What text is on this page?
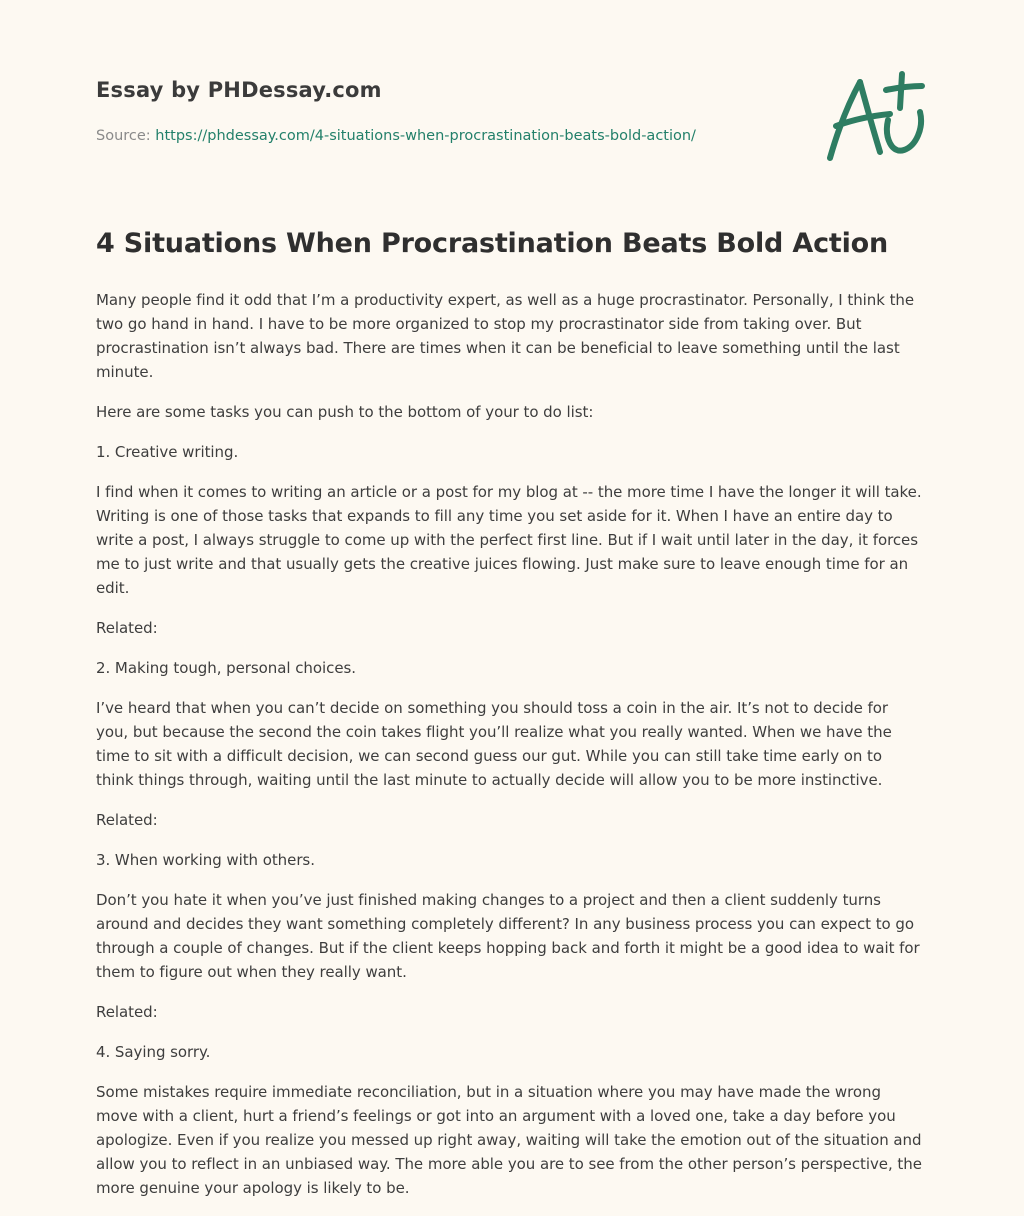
Essay by PHDessay.com
Source: https://phdessay.com/4-situations-when-procrastination-beats-bold-action/
4 Situations When Procrastination Beats Bold Action

Many people find it odd that I’m a productivity expert, as well as a huge procrastinator. Personally, I think the two go hand in hand. I have to be more organized to stop my procrastinator side from taking over. But procrastination isn’t always bad. There are times when it can be beneficial to leave something until the last minute.

Here are some tasks you can push to the bottom of your to do list:

1. Creative writing.

I find when it comes to writing an article or a post for my blog at -- the more time I have the longer it will take. Writing is one of those tasks that expands to fill any time you set aside for it. When I have an entire day to write a post, I always struggle to come up with the perfect first line. But if I wait until later in the day, it forces me to just write and that usually gets the creative juices flowing. Just make sure to leave enough time for an edit.

Related:

2. Making tough, personal choices.

I’ve heard that when you can’t decide on something you should toss a coin in the air. It’s not to decide for you, but because the second the coin takes flight you’ll realize what you really wanted. When we have the time to sit with a difficult decision, we can second guess our gut. While you can still take time early on to think things through, waiting until the last minute to actually decide will allow you to be more instinctive.

Related:

3. When working with others.

Don’t you hate it when you’ve just finished making changes to a project and then a client suddenly turns around and decides they want something completely different? In any business process you can expect to go through a couple of changes. But if the client keeps hopping back and forth it might be a good idea to wait for them to figure out when they really want.

Related:

4. Saying sorry.

Some mistakes require immediate reconciliation, but in a situation where you may have made the wrong move with a client, hurt a friend’s feelings or got into an argument with a loved one, take a day before you apologize. Even if you realize you messed up right away, waiting will take the emotion out of the situation and allow you to reflect in an unbiased way. The more able you are to see from the other person’s perspective, the more genuine your apology is likely to be.
